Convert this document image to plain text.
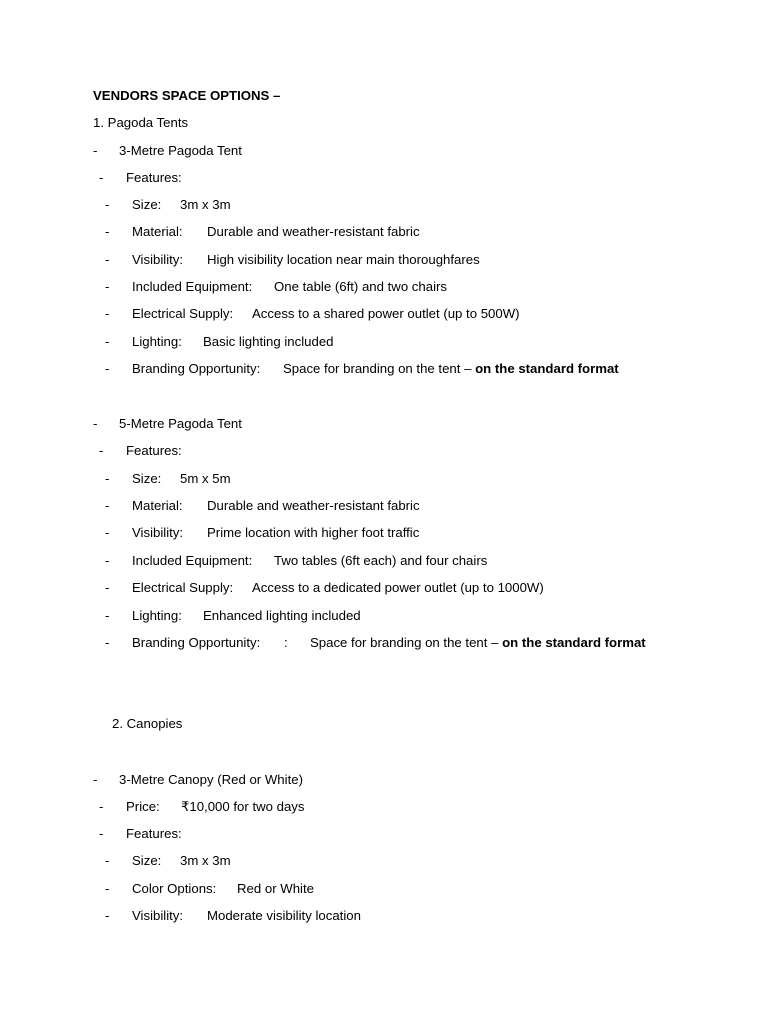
VENDORS SPACE OPTIONS –
1. Pagoda Tents
- 3-Metre Pagoda Tent
- Features:
- Size: 3m x 3m
- Material: Durable and weather-resistant fabric
- Visibility: High visibility location near main thoroughfares
- Included Equipment: One table (6ft) and two chairs
- Electrical Supply: Access to a shared power outlet (up to 500W)
- Lighting: Basic lighting included
- Branding Opportunity: Space for branding on the tent – on the standard format
- 5-Metre Pagoda Tent
- Features:
- Size: 5m x 5m
- Material: Durable and weather-resistant fabric
- Visibility: Prime location with higher foot traffic
- Included Equipment: Two tables (6ft each) and four chairs
- Electrical Supply: Access to a dedicated power outlet (up to 1000W)
- Lighting: Enhanced lighting included
- Branding Opportunity: : Space for branding on the tent – on the standard format
2. Canopies
- 3-Metre Canopy (Red or White)
- Price: ₹10,000 for two days
- Features:
- Size: 3m x 3m
- Color Options: Red or White
- Visibility: Moderate visibility location
